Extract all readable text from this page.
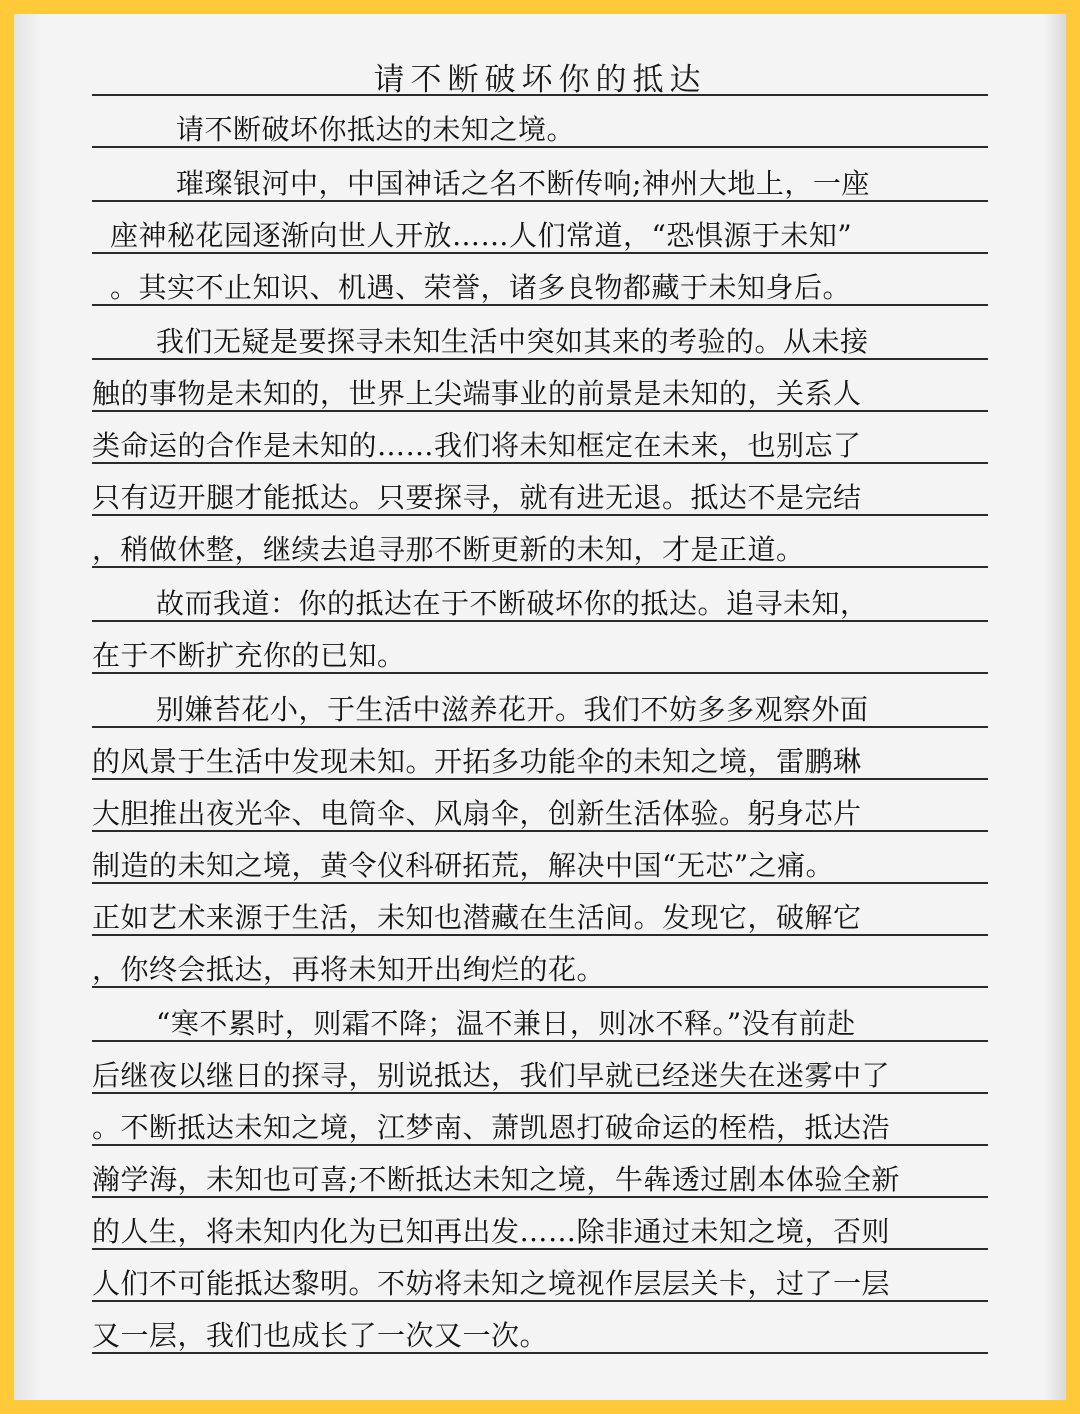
请不断破坏你的抵达
请不断破坏你抵达的未知之境。
璀璨银河中，中国神话之名不断传响;神州大地上，一座
座神秘花园逐渐向世人开放……人们常道，“恐惧源于未知”
。其实不止知识、机遇、荣誉，诸多良物都藏于未知身后。
我们无疑是要探寻未知生活中突如其来的考验的。从未接
触的事物是未知的，世界上尖端事业的前景是未知的，关系人
类命运的合作是未知的……我们将未知框定在未来，也别忘了
只有迈开腿才能抵达。只要探寻，就有进无退。抵达不是完结
，稍做休整，继续去追寻那不断更新的未知，才是正道。
故而我道：你的抵达在于不断破坏你的抵达。追寻未知，
在于不断扩充你的已知。
别嫌苔花小，于生活中滋养花开。我们不妨多多观察外面
的风景于生活中发现未知。开拓多功能伞的未知之境，雷鹏琳
大胆推出夜光伞、电筒伞、风扇伞，创新生活体验。躬身芯片
制造的未知之境，黄令仪科研拓荒，解决中国“无芯”之痛。
正如艺术来源于生活，未知也潜藏在生活间。发现它，破解它
，你终会抵达，再将未知开出绚烂的花。
“寒不累时，则霜不降；温不兼日，则冰不释。”没有前赴
后继夜以继日的探寻，别说抵达，我们早就已经迷失在迷雾中了
。不断抵达未知之境，江梦南、萧凯恩打破命运的桎梏，抵达浩
瀚学海，未知也可喜;不断抵达未知之境，牛犇透过剧本体验全新
的人生，将未知内化为已知再出发……除非通过未知之境，否则
人们不可能抵达黎明。不妨将未知之境视作层层关卡，过了一层
又一层，我们也成长了一次又一次。
